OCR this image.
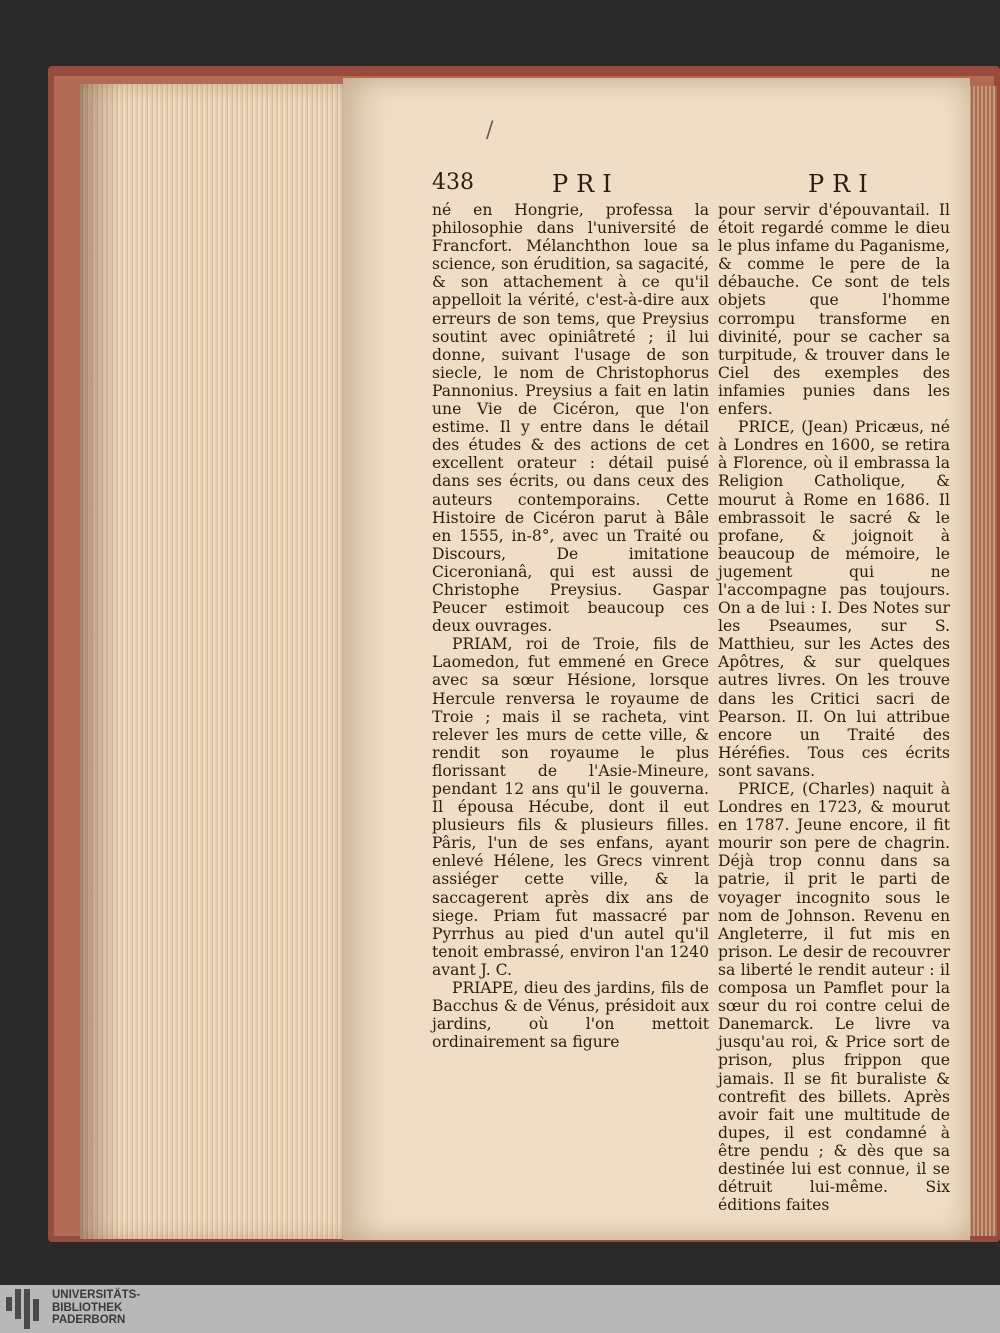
/
438	PRI	PRI

né en Hongrie, professa la philosophie dans l'université de Francfort. Mélanchthon loue sa science, son érudition, sa sagacité, & son attachement à ce qu'il appelloit la vérité, c'est-à-dire aux erreurs de son tems, que Preysius soutint avec opiniâtreté ; il lui donne, suivant l'usage de son siecle, le nom de Christophorus Pannonius. Preysius a fait en latin une Vie de Cicéron, que l'on estime. Il y entre dans le détail des études & des actions de cet excellent orateur : détail puisé dans ses écrits, ou dans ceux des auteurs contemporains. Cette Histoire de Cicéron parut à Bâle en 1555, in-8°, avec un Traité ou Discours, De imitatione Ciceronianâ, qui est aussi de Christophe Preysius. Gaspar Peucer estimoit beaucoup ces deux ouvrages.

PRIAM, roi de Troie, fils de Laomedon, fut emmené en Grece avec sa sœur Hésione, lorsque Hercule renversa le royaume de Troie ; mais il se racheta, vint relever les murs de cette ville, & rendit son royaume le plus florissant de l'Asie-Mineure, pendant 12 ans qu'il le gouverna. Il épousa Hécube, dont il eut plusieurs fils & plusieurs filles. Pâris, l'un de ses enfans, ayant enlevé Hélene, les Grecs vinrent assiéger cette ville, & la saccagerent après dix ans de siege. Priam fut massacré par Pyrrhus au pied d'un autel qu'il tenoit embrassé, environ l'an 1240 avant J. C.

PRIAPE, dieu des jardins, fils de Bacchus & de Vénus, présidoit aux jardins, où l'on mettoit ordinairement sa figure

pour servir d'épouvantail. Il étoit regardé comme le dieu le plus infame du Paganisme, & comme le pere de la débauche. Ce sont de tels objets que l'homme corrompu transforme en divinité, pour se cacher sa turpitude, & trouver dans le Ciel des exemples des infamies punies dans les enfers.

PRICE, (Jean) Pricæus, né à Londres en 1600, se retira à Florence, où il embrassa la Religion Catholique, & mourut à Rome en 1686. Il embrassoit le sacré & le profane, & joignoit à beaucoup de mémoire, le jugement qui ne l'accompagne pas toujours. On a de lui : I. Des Notes sur les Pseaumes, sur S. Matthieu, sur les Actes des Apôtres, & sur quelques autres livres. On les trouve dans les Critici sacri de Pearson. II. On lui attribue encore un Traité des Héréfies. Tous ces écrits sont savans.

PRICE, (Charles) naquit à Londres en 1723, & mourut en 1787. Jeune encore, il fit mourir son pere de chagrin. Déjà trop connu dans sa patrie, il prit le parti de voyager incognito sous le nom de Johnson. Revenu en Angleterre, il fut mis en prison. Le desir de recouvrer sa liberté le rendit auteur : il composa un Pamflet pour la sœur du roi contre celui de Danemarck. Le livre va jusqu'au roi, & Price sort de prison, plus frippon que jamais. Il se fit buraliste & contrefit des billets. Après avoir fait une multitude de dupes, il est condamné à être pendu ; & dès que sa destinée lui est connue, il se détruit lui-même. Six éditions faites

UNIVERSITÄTS-
BIBLIOTHEK
PADERBORN
